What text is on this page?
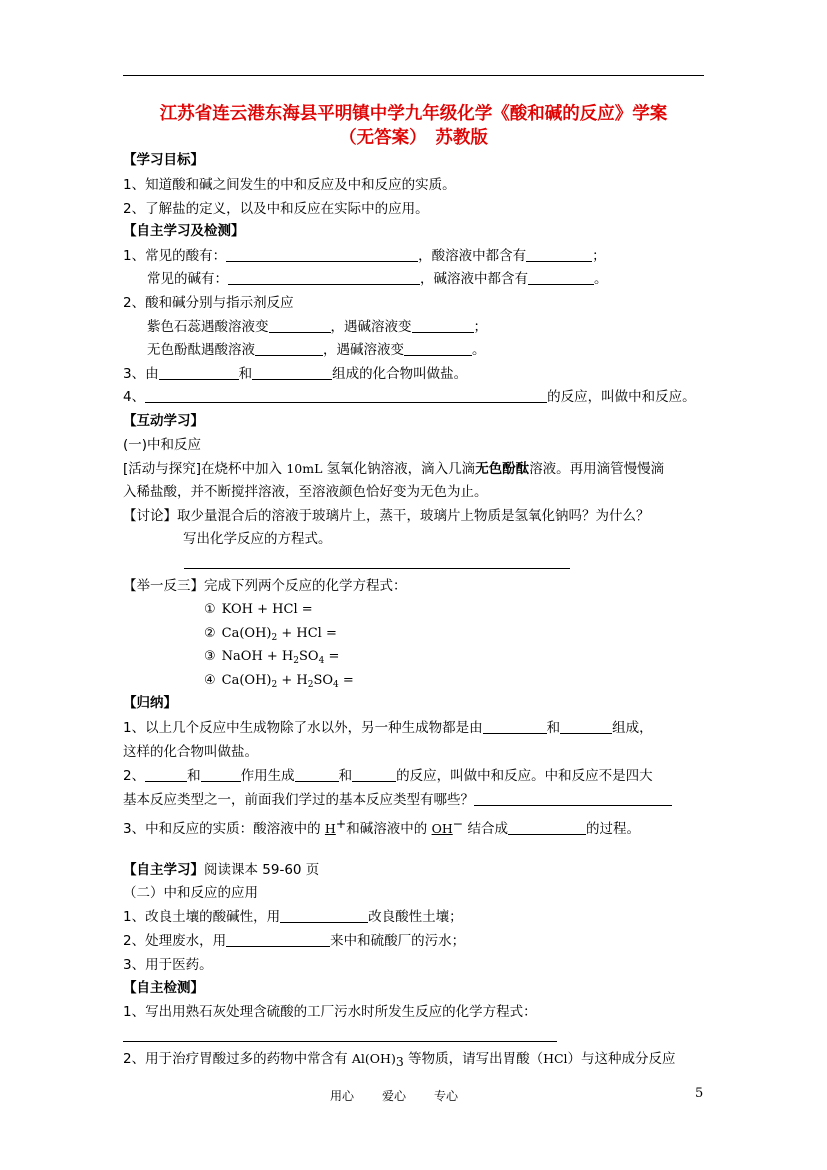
江苏省连云港东海县平明镇中学九年级化学《酸和碱的反应》学案
（无答案）　苏教版
【学习目标】
1、知道酸和碱之间发生的中和反应及中和反应的实质。
2、了解盐的定义，以及中和反应在实际中的应用。
【自主学习及检测】
1、常见的酸有：	，酸溶液中都含有	；
常见的碱有：	，碱溶液中都含有	。
2、酸和碱分别与指示剂反应
紫色石蕊遇酸溶液变	，遇碱溶液变	；
无色酚酞遇酸溶液	，遇碱溶液变	。
3、由	和	组成的化合物叫做盐。
4、	的反应，叫做中和反应。
【互动学习】
(一)中和反应
[活动与探究]在烧杯中加入 10mL 氢氧化钠溶液，滴入几滴无色酚酞溶液。再用滴管慢慢滴
入稀盐酸，并不断搅拌溶液，至溶液颜色恰好变为无色为止。
【讨论】取少量混合后的溶液于玻璃片上，蒸干，玻璃片上物质是氢氧化钠吗？为什么？
写出化学反应的方程式。
【举一反三】完成下列两个反应的化学方程式：
① KOH + HCl =
② $Ca(OH)_2$ + HCl =
③ NaOH + $H_2SO_4$ =
④ $Ca(OH)_2 + H_2SO_4$ =
【归纳】
1、以上几个反应中生成物除了水以外，另一种生成物都是由	和	组成，
这样的化合物叫做盐。
2、	和	作用生成	和	的反应，叫做中和反应。中和反应不是四大
基本反应类型之一，前面我们学过的基本反应类型有哪些？
3、中和反应的实质：酸溶液中的 H+和碱溶液中的 OH− 结合成	的过程。
【自主学习】阅读课本 59-60 页
（二）中和反应的应用
1、改良土壤的酸碱性，用	改良酸性土壤；
2、处理废水，用	来中和硫酸厂的污水；
3、用于医药。
【自主检测】
1、写出用熟石灰处理含硫酸的工厂污水时所发生反应的化学方程式：
2、用于治疗胃酸过多的药物中常含有 Al(OH)3 等物质，请写出胃酸（HCl）与这种成分反应
用心 爱心 专心	5
